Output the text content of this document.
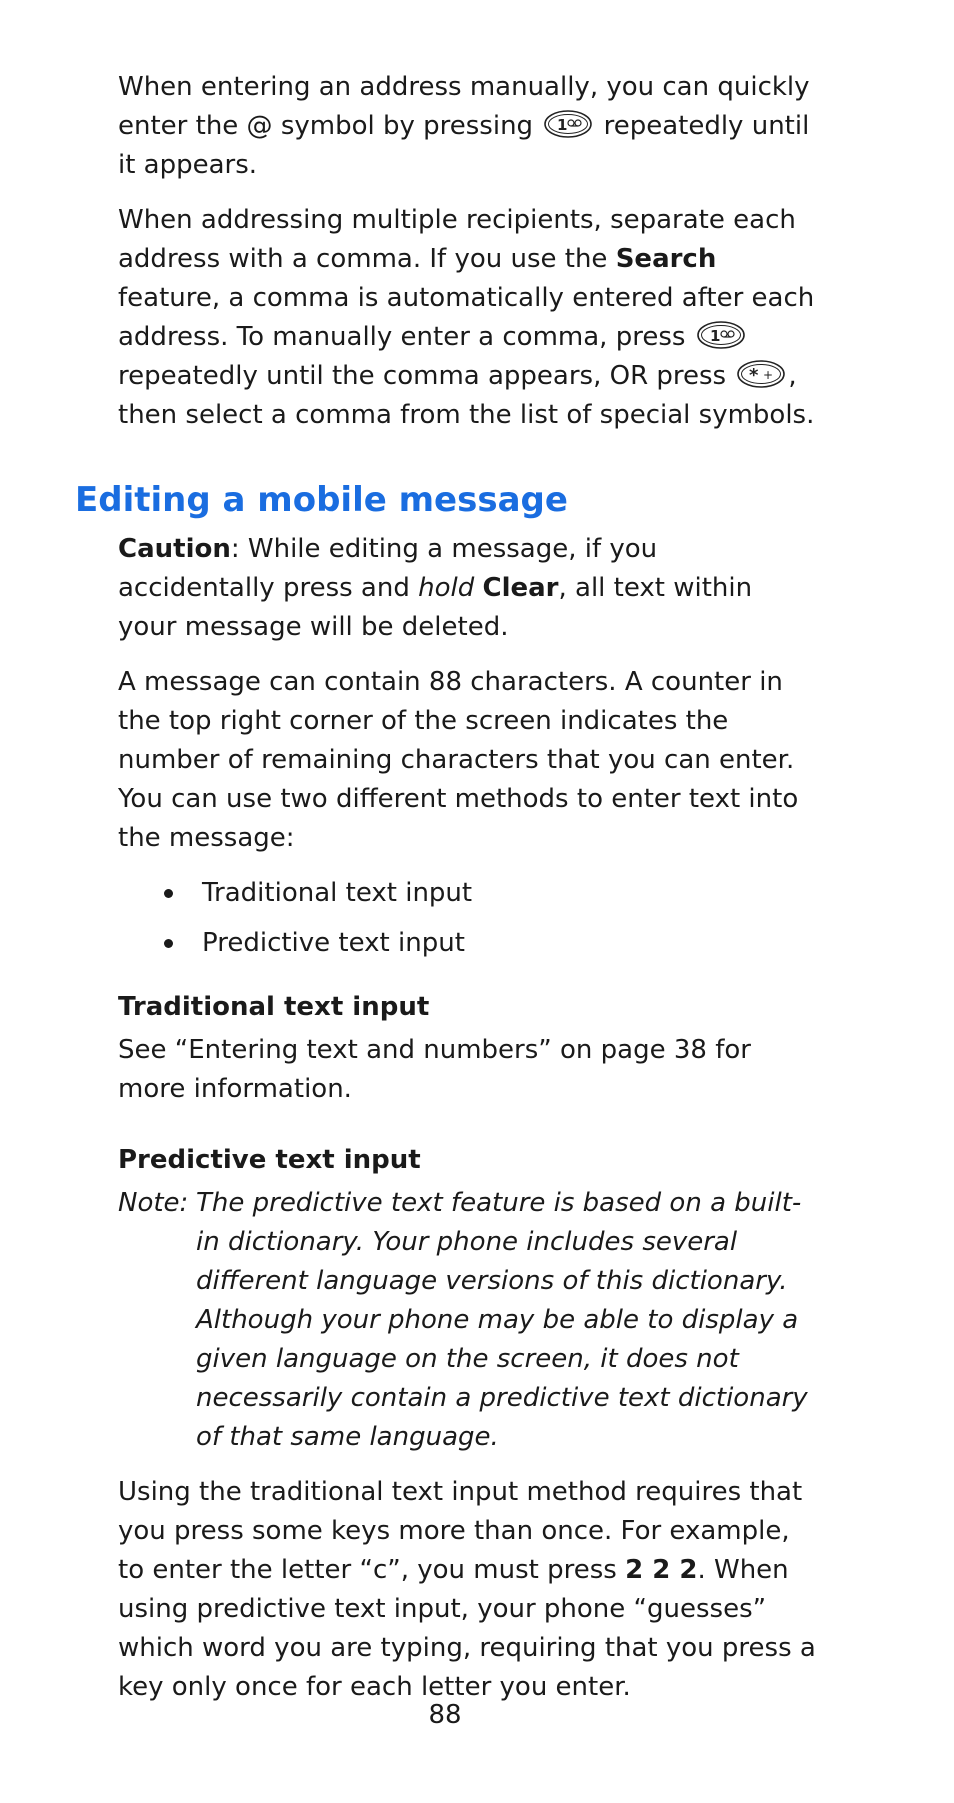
When entering an address manually, you can quickly enter the @ symbol by pressing 1 repeatedly until it appears.

When addressing multiple recipients, separate each address with a comma. If you use the Search feature, a comma is automatically entered after each address. To manually enter a comma, press 1
repeatedly until the comma appears, OR press * + , then select a comma from the list of special symbols.

Editing a mobile message

Caution: While editing a message, if you accidentally press and hold Clear, all text within your message will be deleted.

A message can contain 88 characters. A counter in the top right corner of the screen indicates the number of remaining characters that you can enter. You can use two different methods to enter text into the message:

Traditional text input
Predictive text input
Traditional text input

See “Entering text and numbers” on page 38 for more information.

Predictive text input
Note: The predictive text feature is based on a built-in dictionary. Your phone includes several different language versions of this dictionary. Although your phone may be able to display a given language on the screen, it does not necessarily contain a predictive text dictionary of that same language.

Using the traditional text input method requires that you press some keys more than once. For example, to enter the letter “c”, you must press 2 2 2. When using predictive text input, your phone “guesses” which word you are typing, requiring that you press a key only once for each letter you enter.

88
